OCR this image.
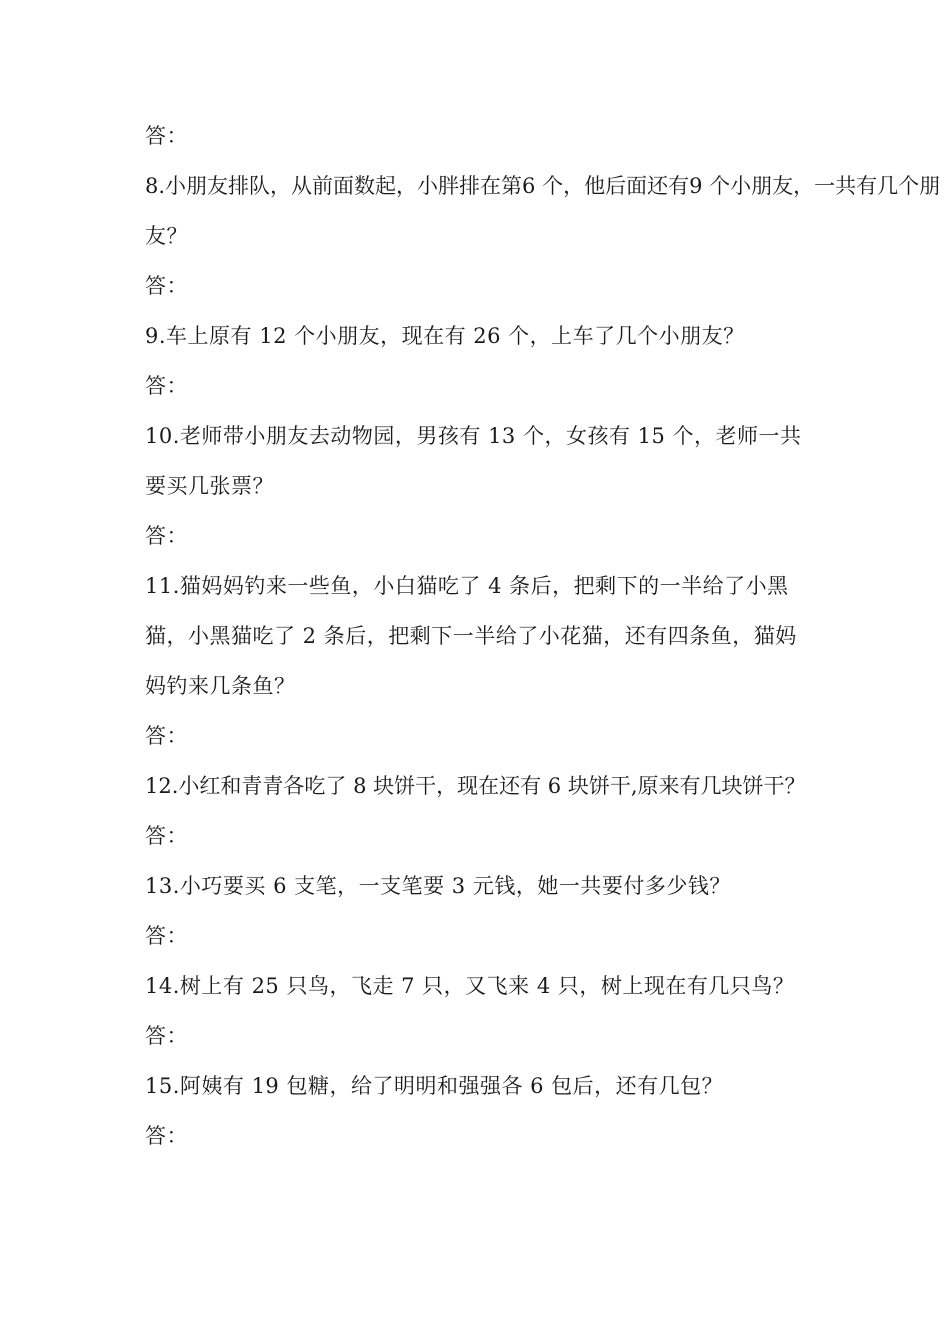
答：
8.小朋友排队，从前面数起，小胖排在第6 个，他后面还有9 个小朋友，一共有几个朋
友？
答：
9.车上原有 12 个小朋友，现在有 26 个，上车了几个小朋友？
答：
10.老师带小朋友去动物园，男孩有 13 个，女孩有 15 个，老师一共
要买几张票？
答：
11.猫妈妈钓来一些鱼，小白猫吃了 4 条后，把剩下的一半给了小黑
猫，小黑猫吃了 2 条后，把剩下一半给了小花猫，还有四条鱼，猫妈
妈钓来几条鱼？
答：
12.小红和青青各吃了 8 块饼干，现在还有 6 块饼干,原来有几块饼干？
答：
13.小巧要买 6 支笔，一支笔要 3 元钱，她一共要付多少钱？
答：
14.树上有 25 只鸟，飞走 7 只，又飞来 4 只，树上现在有几只鸟？
答：
15.阿姨有 19 包糖，给了明明和强强各 6 包后，还有几包？
答：
